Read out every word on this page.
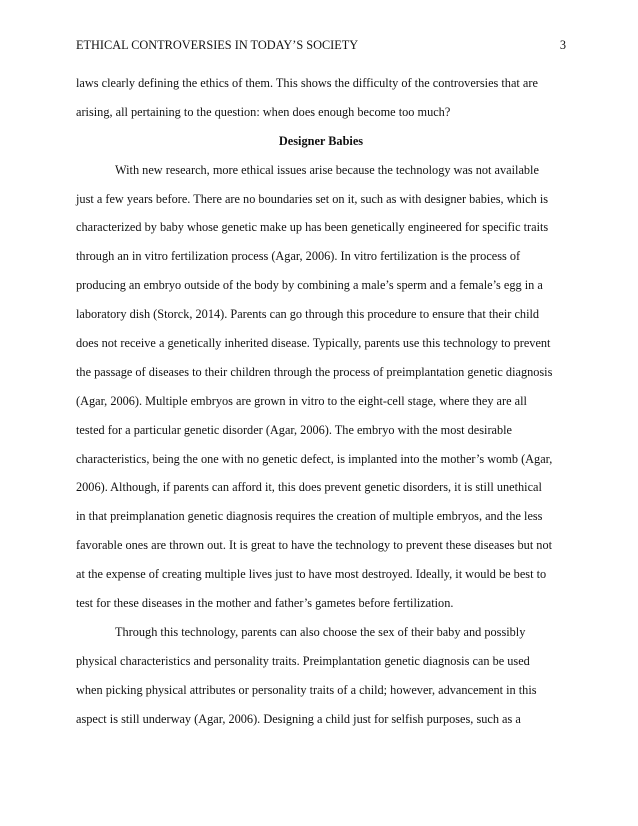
ETHICAL CONTROVERSIES IN TODAY’S SOCIETY	3
laws clearly defining the ethics of them. This shows the difficulty of the controversies that are
arising, all pertaining to the question: when does enough become too much?
Designer Babies
With new research, more ethical issues arise because the technology was not available
just a few years before. There are no boundaries set on it, such as with designer babies, which is
characterized by baby whose genetic make up has been genetically engineered for specific traits
through an in vitro fertilization process (Agar, 2006). In vitro fertilization is the process of
producing an embryo outside of the body by combining a male’s sperm and a female’s egg in a
laboratory dish (Storck, 2014). Parents can go through this procedure to ensure that their child
does not receive a genetically inherited disease. Typically, parents use this technology to prevent
the passage of diseases to their children through the process of preimplantation genetic diagnosis
(Agar, 2006). Multiple embryos are grown in vitro to the eight-cell stage, where they are all
tested for a particular genetic disorder (Agar, 2006). The embryo with the most desirable
characteristics, being the one with no genetic defect, is implanted into the mother’s womb (Agar,
2006). Although, if parents can afford it, this does prevent genetic disorders, it is still unethical
in that preimplanation genetic diagnosis requires the creation of multiple embryos, and the less
favorable ones are thrown out. It is great to have the technology to prevent these diseases but not
at the expense of creating multiple lives just to have most destroyed. Ideally, it would be best to
test for these diseases in the mother and father’s gametes before fertilization.
Through this technology, parents can also choose the sex of their baby and possibly
physical characteristics and personality traits. Preimplantation genetic diagnosis can be used
when picking physical attributes or personality traits of a child; however, advancement in this
aspect is still underway (Agar, 2006). Designing a child just for selfish purposes, such as a
